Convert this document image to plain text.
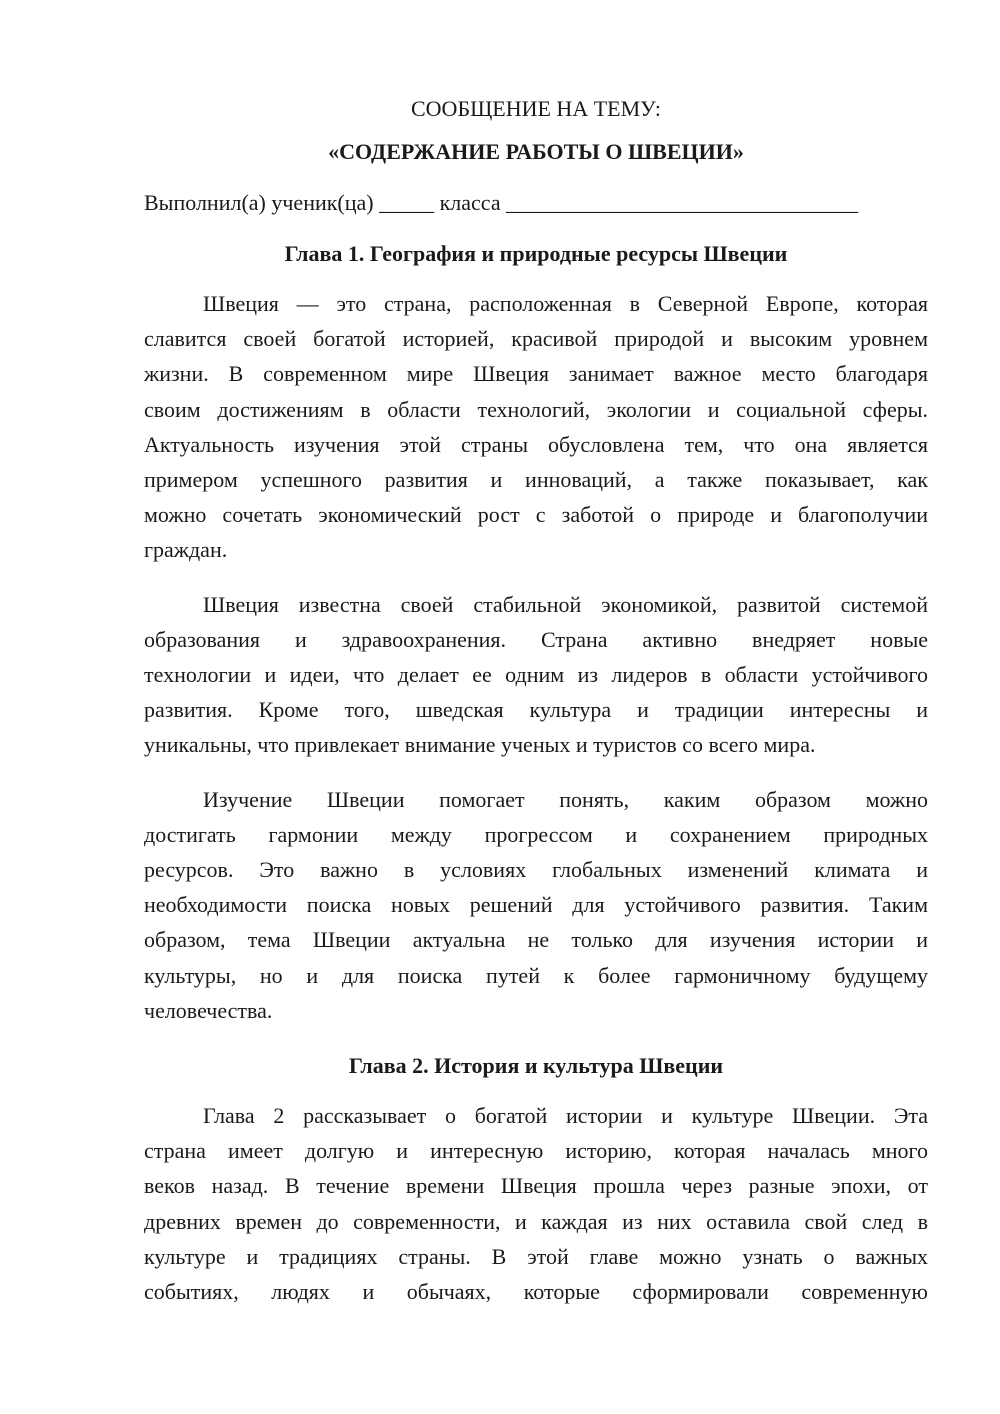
СООБЩЕНИЕ НА ТЕМУ:

«СОДЕРЖАНИЕ РАБОТЫ О ШВЕЦИИ»

Выполнил(а) ученик(ца) _____ класса ________________________________

Глава 1. География и природные ресурсы Швеции
Швеция — это страна, расположенная в Северной Европе, которая
славится своей богатой историей, красивой природой и высоким уровнем
жизни. В современном мире Швеция занимает важное место благодаря
своим достижениям в области технологий, экологии и социальной сферы.
Актуальность изучения этой страны обусловлена тем, что она является
примером успешного развития и инноваций, а также показывает, как
можно сочетать экономический рост с заботой о природе и благополучии
граждан.
Швеция известна своей стабильной экономикой, развитой системой
образования и здравоохранения. Страна активно внедряет новые
технологии и идеи, что делает ее одним из лидеров в области устойчивого
развития. Кроме того, шведская культура и традиции интересны и
уникальны, что привлекает внимание ученых и туристов со всего мира.
Изучение Швеции помогает понять, каким образом можно
достигать гармонии между прогрессом и сохранением природных
ресурсов. Это важно в условиях глобальных изменений климата и
необходимости поиска новых решений для устойчивого развития. Таким
образом, тема Швеции актуальна не только для изучения истории и
культуры, но и для поиска путей к более гармоничному будущему
человечества.
Глава 2. История и культура Швеции
Глава 2 рассказывает о богатой истории и культуре Швеции. Эта
страна имеет долгую и интересную историю, которая началась много
веков назад. В течение времени Швеция прошла через разные эпохи, от
древних времен до современности, и каждая из них оставила свой след в
культуре и традициях страны. В этой главе можно узнать о важных
событиях, людях и обычаях, которые сформировали современную
